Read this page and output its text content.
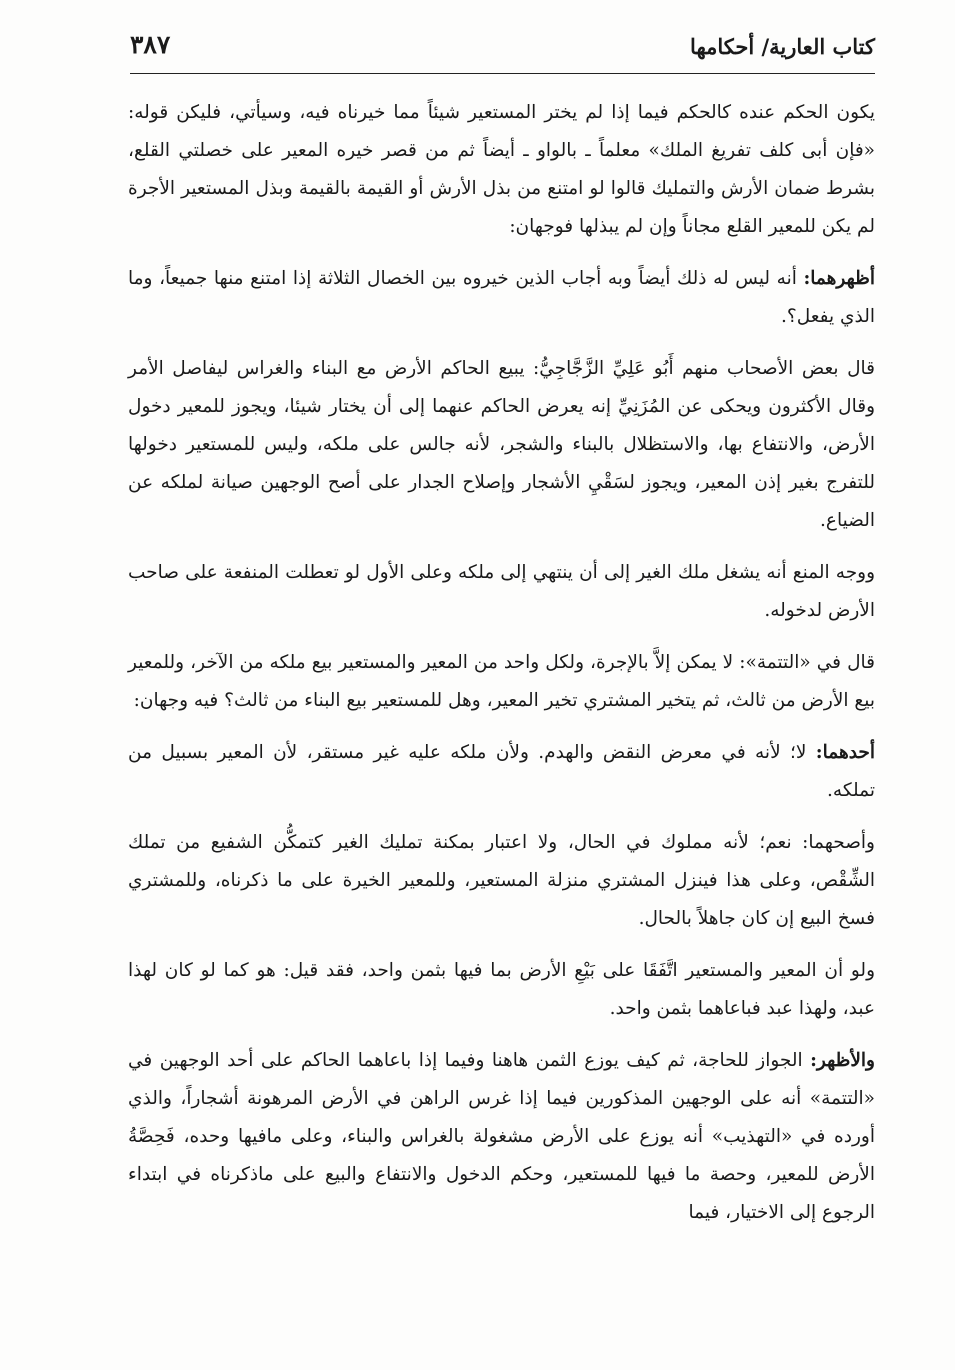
كتاب العارية/ أحكامها
٣٨٧

يكون الحكم عنده كالحكم فيما إذا لم يختر المستعير شيئاً مما خيرناه فيه، وسيأتي، فليكن قوله: «فإن أبى كلف تفريغ الملك» معلماً ـ بالواو ـ أيضاً ثم من قصر خيره المعير على خصلتي القلع، بشرط ضمان الأرش والتمليك قالوا لو امتنع من بذل الأرش أو القيمة بالقيمة وبذل المستعير الأجرة لم يكن للمعير القلع مجاناً وإن لم يبذلها فوجهان:

أظهرهما: أنه ليس له ذلك أيضاً وبه أجاب الذين خيروه بين الخصال الثلاثة إذا امتنع منها جميعاً، وما الذي يفعل؟.

قال بعض الأصحاب منهم أَبُو عَلِيِّ الزَّجَّاجِيُّ: يبيع الحاكم الأرض مع البناء والغراس ليفاصل الأمر وقال الأكثرون ويحكى عن المُزَنِيِّ إنه يعرض الحاكم عنهما إلى أن يختار شيئا، ويجوز للمعير دخول الأرض، والانتفاع بها، والاستظلال بالبناء والشجر، لأنه جالس على ملكه، وليس للمستعير دخولها للتفرج بغير إذن المعير، ويجوز لسَقْيِ الأشجار وإصلاح الجدار على أصح الوجهين صيانة لملكه عن الضياع.

ووجه المنع أنه يشغل ملك الغير إلى أن ينتهي إلى ملكه وعلى الأول لو تعطلت المنفعة على صاحب الأرض لدخوله.

قال في «التتمة»: لا يمكن إلاَّ بالإجرة، ولكل واحد من المعير والمستعير بيع ملكه من الآخر، وللمعير بيع الأرض من ثالث، ثم يتخير المشتري تخير المعير، وهل للمستعير بيع البناء من ثالث؟ فيه وجهان:

أحدهما: لا؛ لأنه في معرض النقض والهدم. ولأن ملكه عليه غير مستقر، لأن المعير بسبيل من تملكه.

وأصحهما: نعم؛ لأنه مملوك في الحال، ولا اعتبار بمكنة تمليك الغير كتمكُّن الشفيع من تملك الشِّقْص، وعلى هذا فينزل المشتري منزلة المستعير، وللمعير الخيرة على ما ذكرناه، وللمشتري فسخ البيع إن كان جاهلاً بالحال.

ولو أن المعير والمستعير اتَّفَقَا على بَيْعِ الأرض بما فيها بثمن واحد، فقد قيل: هو كما لو كان لهذا عبد، ولهذا عبد فباعاهما بثمن واحد.

والأظهر: الجواز للحاجة، ثم كيف يوزع الثمن هاهنا وفيما إذا باعاهما الحاكم على أحد الوجهين في «التتمة» أنه على الوجهين المذكورين فيما إذا غرس الراهن في الأرض المرهونة أشجاراً، والذي أورده في «التهذيب» أنه يوزع على الأرض مشغولة بالغراس والبناء، وعلى مافيها وحده، فَحِصَّةُ الأرض للمعير، وحصة ما فيها للمستعير، وحكم الدخول والانتفاع والبيع على ماذكرناه في ابتداء الرجوع إلى الاختيار، فيما
